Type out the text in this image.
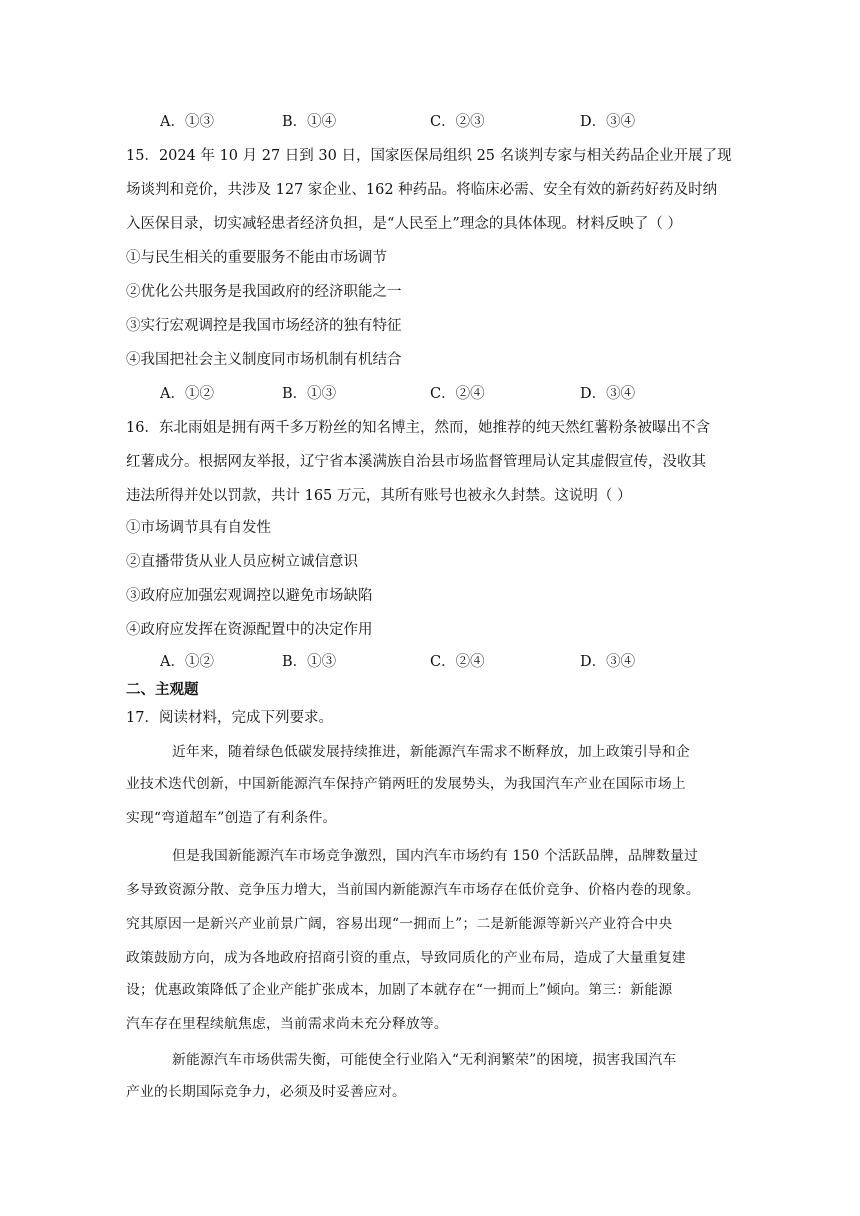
A．①③	B．①④	C．②③	D．③④
15．2024 年 10 月 27 日到 30 日，国家医保局组织 25 名谈判专家与相关药品企业开展了现
场谈判和竞价，共涉及 127 家企业、162 种药品。将临床必需、安全有效的新药好药及时纳
入医保目录，切实减轻患者经济负担，是“人民至上”理念的具体体现。材料反映了（ ）
①与民生相关的重要服务不能由市场调节
②优化公共服务是我国政府的经济职能之一
③实行宏观调控是我国市场经济的独有特征
④我国把社会主义制度同市场机制有机结合
A．①②	B．①③	C．②④	D．③④
16．东北雨姐是拥有两千多万粉丝的知名博主，然而，她推荐的纯天然红薯粉条被曝出不含
红薯成分。根据网友举报，辽宁省本溪满族自治县市场监督管理局认定其虚假宣传，没收其
违法所得并处以罚款，共计 165 万元，其所有账号也被永久封禁。这说明（ ）
①市场调节具有自发性
②直播带货从业人员应树立诚信意识
③政府应加强宏观调控以避免市场缺陷
④政府应发挥在资源配置中的决定作用
A．①②	B．①③	C．②④	D．③④
二、主观题
17．阅读材料，完成下列要求。
近年来，随着绿色低碳发展持续推进，新能源汽车需求不断释放，加上政策引导和企
业技术迭代创新，中国新能源汽车保持产销两旺的发展势头，为我国汽车产业在国际市场上
实现“弯道超车”创造了有利条件。
但是我国新能源汽车市场竞争激烈，国内汽车市场约有 150 个活跃品牌，品牌数量过
多导致资源分散、竞争压力增大，当前国内新能源汽车市场存在低价竞争、价格内卷的现象。
究其原因一是新兴产业前景广阔，容易出现“一拥而上”；二是新能源等新兴产业符合中央
政策鼓励方向，成为各地政府招商引资的重点，导致同质化的产业布局，造成了大量重复建
设；优惠政策降低了企业产能扩张成本，加剧了本就存在“一拥而上”倾向。第三：新能源
汽车存在里程续航焦虑，当前需求尚未充分释放等。
新能源汽车市场供需失衡，可能使全行业陷入“无利润繁荣”的困境，损害我国汽车
产业的长期国际竞争力，必须及时妥善应对。
